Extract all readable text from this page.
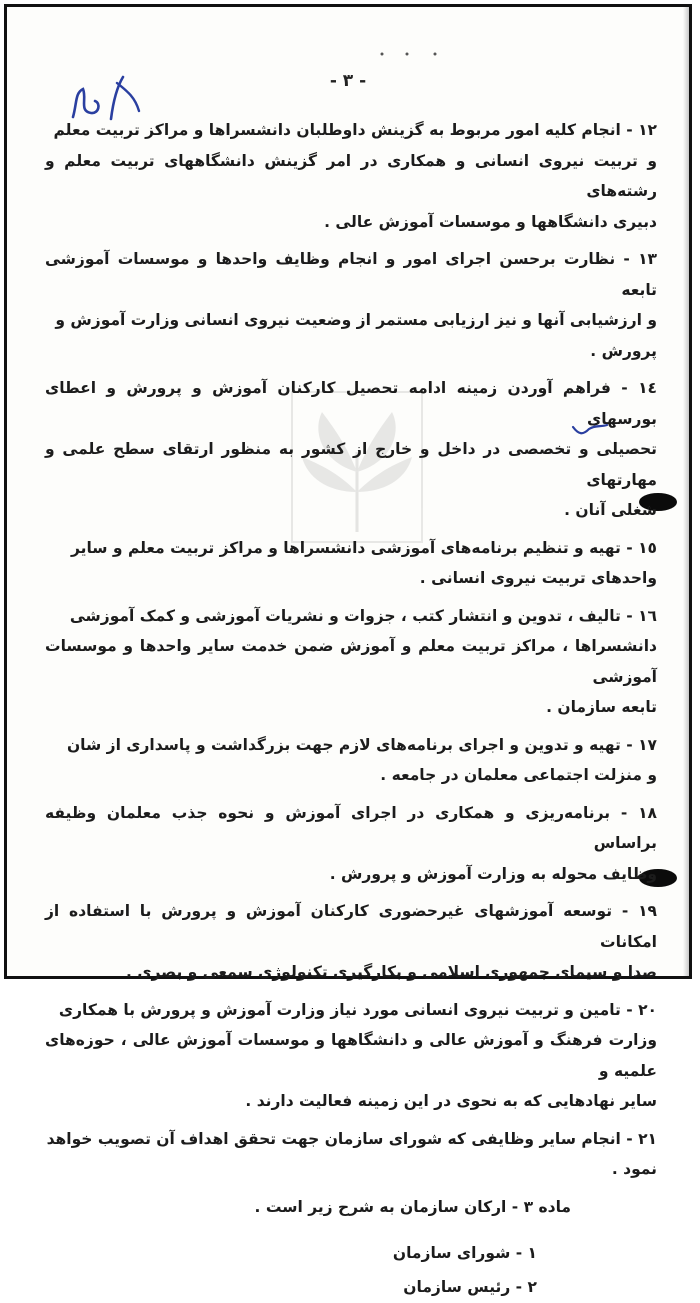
- ٣ -

١٢ - انجام کلیه امور مربوط به گزینش داوطلبان دانشسراها و مراکز تربیت معلم

و تربیت نیروی انسانی و همکاری در امر گزینش دانشگاههای تربیت معلم و رشته‌های

دبیری دانشگاهها و موسسات آموزش عالی .

١٣ - نظارت برحسن اجرای امور و انجام وظایف واحدها و موسسات آموزشی تابعه

و ارزشیابی آنها و نیز ارزیابی مستمر از وضعیت نیروی انسانی وزارت آموزش و پرورش .

١٤ - فراهم آوردن زمینه ادامه تحصیل کارکنان آموزش و پرورش و اعطای بورسهای

تحصیلی و تخصصی در داخل و خارج از کشور به منظور ارتقای سطح علمی و مهارتهای

شغلی آنان .

١٥ - تهیه و تنظیم برنامه‌های آموزشی دانشسراها و مراکز تربیت معلم و سایر

واحدهای تربیت نیروی انسانی .

١٦ - تالیف ، تدوین و انتشار کتب ، جزوات و نشریات آموزشی و کمک آموزشی

دانشسراها ، مراکز تربیت معلم و آموزش ضمن خدمت سایر واحدها و موسسات آموزشی

تابعه سازمان .

١٧ - تهیه و تدوین و اجرای برنامه‌های لازم جهت بزرگداشت و پاسداری از شان

و منزلت اجتماعی معلمان در جامعه .

١٨ - برنامه‌ریزی و همکاری در اجرای آموزش و نحوه جذب معلمان وظیفه براساس

وظایف محوله به وزارت آموزش و پرورش .

١٩ - توسعه آموزشهای غیرحضوری کارکنان آموزش و پرورش با استفاده از امکانات

صدا و سیمای جمهوری اسلامی و بکارگیری تکنولوژی سمعی و بصری .

٢٠ - تامین و تربیت نیروی انسانی مورد نیاز وزارت آموزش و پرورش با همکاری

وزارت فرهنگ و آموزش عالی و دانشگاهها و موسسات آموزش عالی ، حوزه‌های علمیه و

سایر نهادهایی که به نحوی در این زمینه فعالیت دارند .

٢١ - انجام سایر وظایفی که شورای سازمان جهت تحقق اهداف آن تصویب خواهد

نمود .

ماده ٣ - ارکان سازمان به شرح زیر است .

١ - شورای سازمان

٢ - رئیس سازمان
